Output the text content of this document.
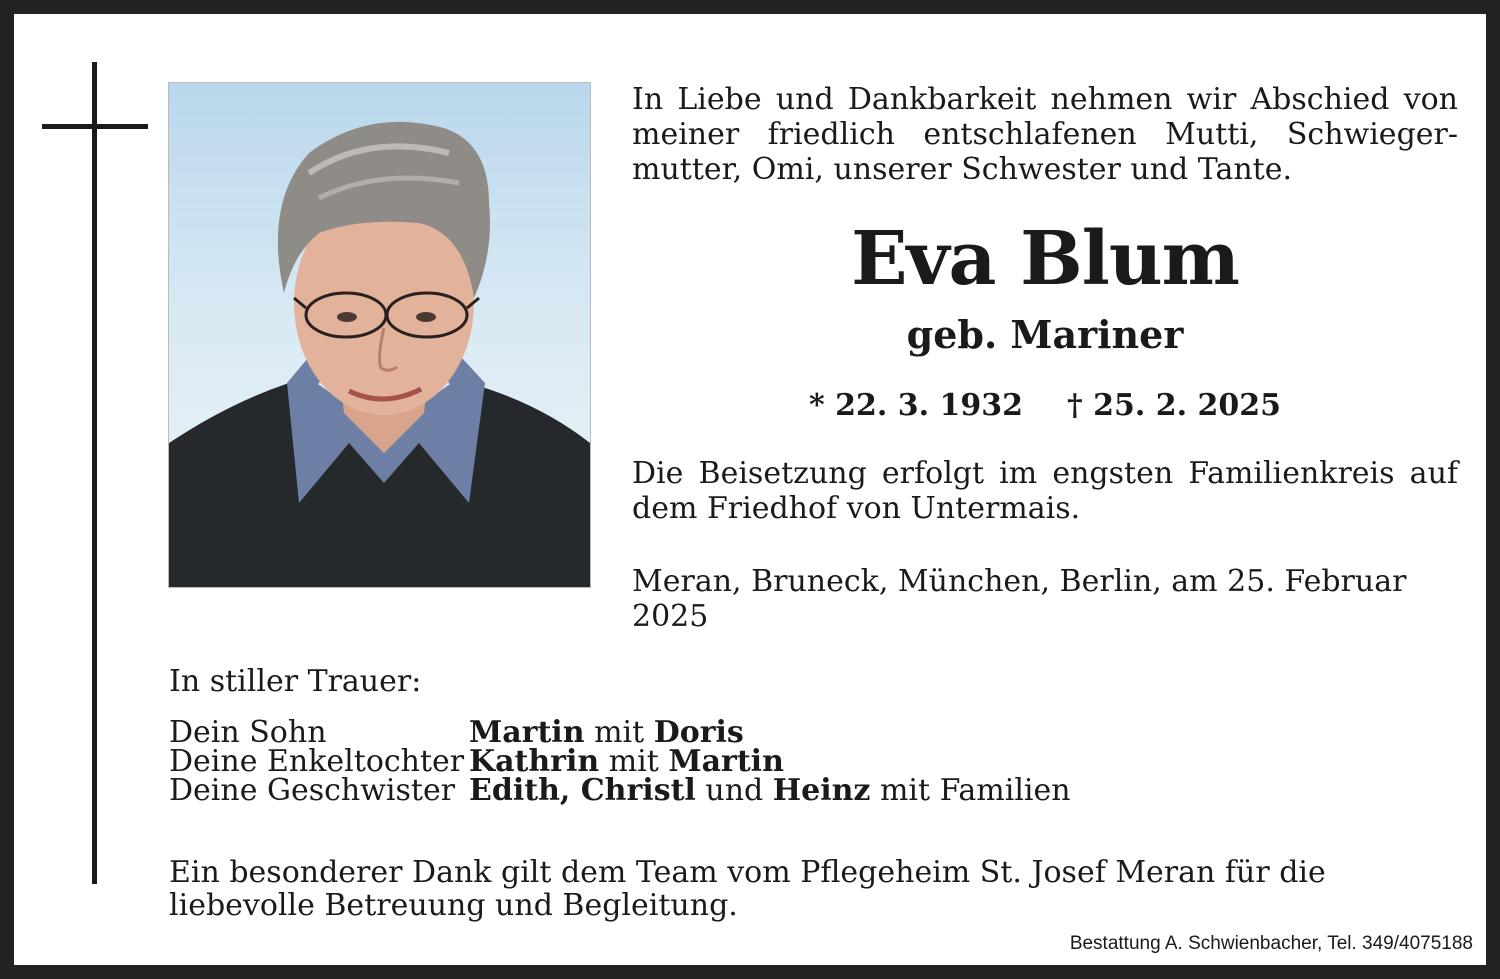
In Liebe und Dankbarkeit nehmen wir Abschied von meiner friedlich entschlafenen Mutti, Schwieger-mutter, Omi, unserer Schwester und Tante.
Eva Blum
geb. Mariner
* 22. 3. 1932 † 25. 2. 2025
Die Beisetzung erfolgt im engsten Familienkreis auf dem Friedhof von Untermais.
Meran, Bruneck, München, Berlin, am 25. Februar 2025
In stiller Trauer:
Dein Sohn	Martin mit Doris
Deine Enkeltochter Kathrin mit Martin
Deine Geschwister Edith, Christl und Heinz mit Familien
Ein besonderer Dank gilt dem Team vom Pflegeheim St. Josef Meran für die liebevolle Betreuung und Begleitung.
Bestattung A. Schwienbacher, Tel. 349/4075188
